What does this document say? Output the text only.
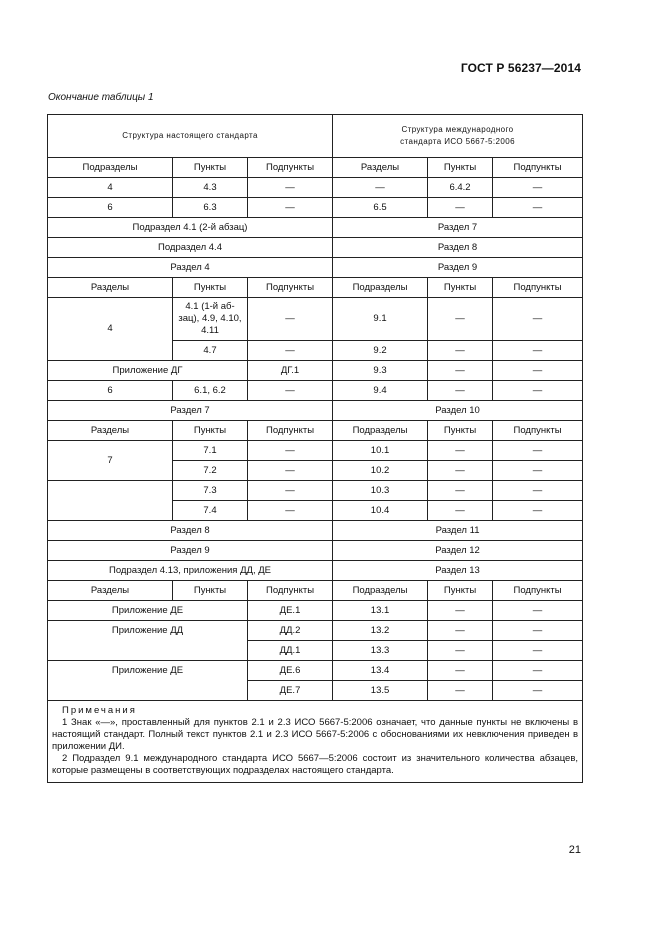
ГОСТ Р 56237—2014
Окончание таблицы 1
Структура настоящего стандарта			Структура международного
стандарта ИСО 5667-5:2006		
Подразделы	Пункты	Подпункты	Разделы	Пункты	Подпункты
4	4.3	—	—	6.4.2	—
6	6.3	—	6.5	—	—
Подраздел 4.1 (2-й абзац)			Раздел 7		
Подраздел 4.4			Раздел 8		
Раздел 4			Раздел 9		
Разделы	Пункты	Подпункты	Подразделы	Пункты	Подпункты
4	4.1 (1-й аб-
зац), 4.9, 4.10,
4.11	—	9.1	—	—
	4.7	—	9.2	—	—
Приложение ДГ		ДГ.1	9.3	—	—
6	6.1, 6.2	—	9.4	—	—
Раздел 7			Раздел 10		
Разделы	Пункты	Подпункты	Подразделы	Пункты	Подпункты
7	7.1	—	10.1	—	—
	7.2	—	10.2	—	—
	7.3	—	10.3	—	—
	7.4	—	10.4	—	—
Раздел 8			Раздел 11		
Раздел 9			Раздел 12		
Подраздел 4.13, приложения ДД, ДЕ			Раздел 13		
Разделы	Пункты	Подпункты	Подразделы	Пункты	Подпункты
Приложение ДЕ		ДЕ.1	13.1	—	—
Приложение ДД		ДД.2	13.2	—	—
		ДД.1	13.3	—	—
Приложение ДЕ		ДЕ.6	13.4	—	—
		ДЕ.7	13.5	—	—

Примечания
1 Знак «—», проставленный для пунктов 2.1 и 2.3 ИСО 5667-5:2006 означает, что данные пункты не включены в настоящий стандарт. Полный текст пунктов 2.1 и 2.3 ИСО 5667-5:2006 с обоснованиями их невключения приведен в приложении ДИ.
2 Подраздел 9.1 международного стандарта ИСО 5667—5:2006 состоит из значительного количества абзацев, которые размещены в соответствующих подразделах настоящего стандарта.					
21
